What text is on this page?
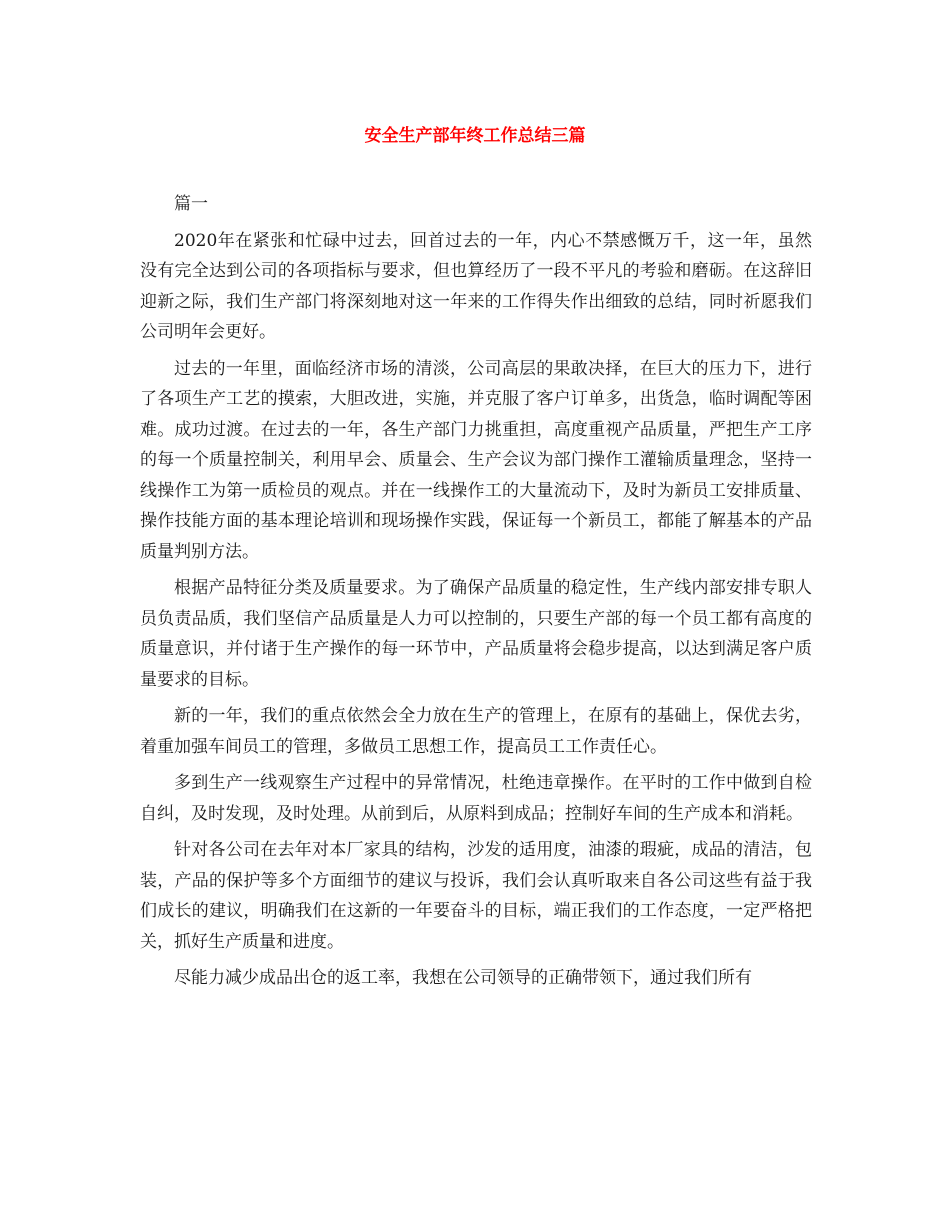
安全生产部年终工作总结三篇

篇一

2020年在紧张和忙碌中过去，回首过去的一年，内心不禁感慨万千，这一年，虽然没有完全达到公司的各项指标与要求，但也算经历了一段不平凡的考验和磨砺。在这辞旧迎新之际，我们生产部门将深刻地对这一年来的工作得失作出细致的总结，同时祈愿我们公司明年会更好。

过去的一年里，面临经济市场的清淡，公司高层的果敢决择，在巨大的压力下，进行了各项生产工艺的摸索，大胆改进，实施，并克服了客户订单多，出货急，临时调配等困难。成功过渡。在过去的一年，各生产部门力挑重担，高度重视产品质量，严把生产工序的每一个质量控制关，利用早会、质量会、生产会议为部门操作工灌输质量理念，坚持一线操作工为第一质检员的观点。并在一线操作工的大量流动下，及时为新员工安排质量、操作技能方面的基本理论培训和现场操作实践，保证每一个新员工，都能了解基本的产品质量判别方法。

根据产品特征分类及质量要求。为了确保产品质量的稳定性，生产线内部安排专职人员负责品质，我们坚信产品质量是人力可以控制的，只要生产部的每一个员工都有高度的质量意识，并付诸于生产操作的每一环节中，产品质量将会稳步提高，以达到满足客户质量要求的目标。

新的一年，我们的重点依然会全力放在生产的管理上，在原有的基础上，保优去劣，着重加强车间员工的管理，多做员工思想工作，提高员工工作责任心。

多到生产一线观察生产过程中的异常情况，杜绝违章操作。在平时的工作中做到自检自纠，及时发现，及时处理。从前到后，从原料到成品；控制好车间的生产成本和消耗。

针对各公司在去年对本厂家具的结构，沙发的适用度，油漆的瑕疵，成品的清洁，包装，产品的保护等多个方面细节的建议与投诉，我们会认真听取来自各公司这些有益于我们成长的建议，明确我们在这新的一年要奋斗的目标，端正我们的工作态度，一定严格把关，抓好生产质量和进度。

尽能力减少成品出仓的返工率，我想在公司领导的正确带领下，通过我们所有
